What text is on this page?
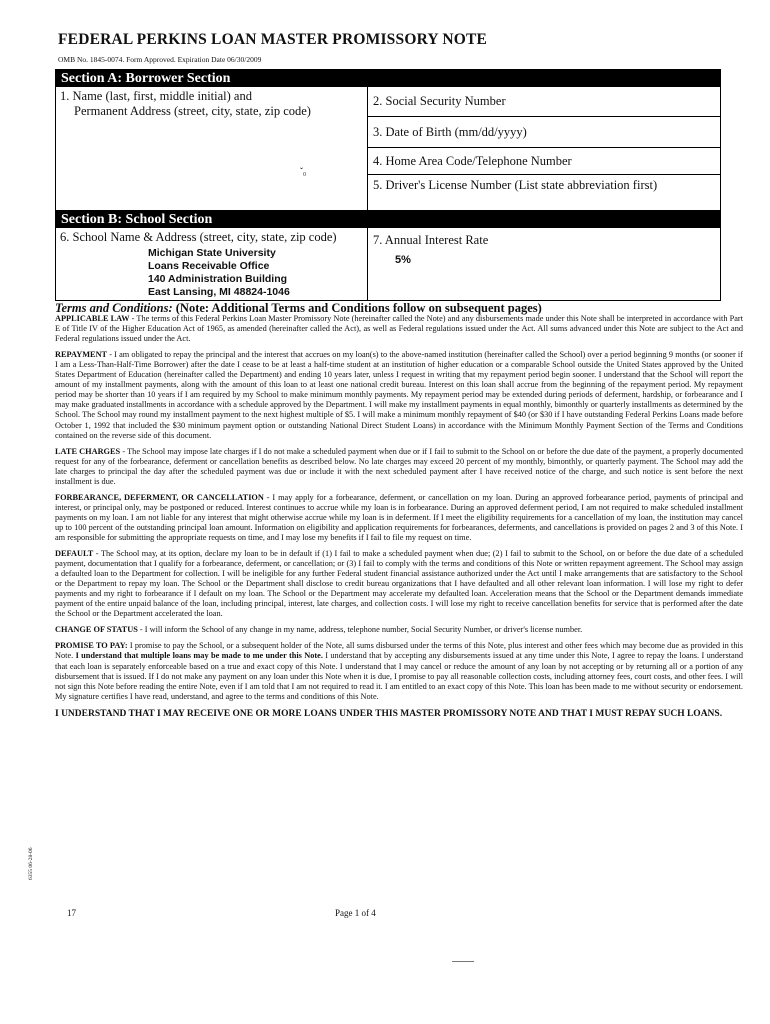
FEDERAL PERKINS LOAN MASTER PROMISSORY NOTE
OMB No. 1845-0074. Form Approved. Expiration Date 06/30/2009
Section A: Borrower Section
1. Name (last, first, middle initial) and
Permanent Address (street, city, state, zip code)
2. Social Security Number
3. Date of Birth (mm/dd/yyyy)
4. Home Area Code/Telephone Number
5. Driver's License Number (List state abbreviation first)
Section B: School Section
6. School Name & Address (street, city, state, zip code)
Michigan State University
Loans Receivable Office
140 Administration Building
East Lansing, MI 48824-1046
7. Annual Interest Rate
5%
ˇ₀
Terms and Conditions: (Note: Additional Terms and Conditions follow on subsequent pages)

APPLICABLE LAW - The terms of this Federal Perkins Loan Master Promissory Note (hereinafter called the Note) and any disbursements made under this Note shall be interpreted in accordance with Part E of Title IV of the Higher Education Act of 1965, as amended (hereinafter called the Act), as well as Federal regulations issued under the Act. All sums advanced under this Note are subject to the Act and Federal regulations issued under the Act.

REPAYMENT - I am obligated to repay the principal and the interest that accrues on my loan(s) to the above-named institution (hereinafter called the School) over a period beginning 9 months (or sooner if I am a Less-Than-Half-Time Borrower) after the date I cease to be at least a half-time student at an institution of higher education or a comparable School outside the United States approved by the United States Department of Education (hereinafter called the Department) and ending 10 years later, unless I request in writing that my repayment period begin sooner. I understand that the School will report the amount of my installment payments, along with the amount of this loan to at least one national credit bureau. Interest on this loan shall accrue from the beginning of the repayment period. My repayment period may be shorter than 10 years if I am required by my School to make minimum monthly payments. My repayment period may be extended during periods of deferment, hardship, or forbearance and I may make graduated installments in accordance with a schedule approved by the Department. I will make my installment payments in equal monthly, bimonthly or quarterly installments as determined by the School. The School may round my installment payment to the next highest multiple of $5. I will make a minimum monthly repayment of $40 (or $30 if I have outstanding Federal Perkins Loans made before October 1, 1992 that included the $30 minimum payment option or outstanding National Direct Student Loans) in accordance with the Minimum Monthly Payment Section of the Terms and Conditions contained on the reverse side of this document.

LATE CHARGES - The School may impose late charges if I do not make a scheduled payment when due or if I fail to submit to the School on or before the due date of the payment, a properly documented request for any of the forbearance, deferment or cancellation benefits as described below. No late charges may exceed 20 percent of my monthly, bimonthly, or quarterly payment. The School may add the late charges to principal the day after the scheduled payment was due or include it with the next scheduled payment after I have received notice of the charge, and such notice is sent before the next installment is due.

FORBEARANCE, DEFERMENT, OR CANCELLATION - I may apply for a forbearance, deferment, or cancellation on my loan. During an approved forbearance period, payments of principal and interest, or principal only, may be postponed or reduced. Interest continues to accrue while my loan is in forbearance. During an approved deferment period, I am not required to make scheduled installment payments on my loan. I am not liable for any interest that might otherwise accrue while my loan is in deferment. If I meet the eligibility requirements for a cancellation of my loan, the institution may cancel up to 100 percent of the outstanding principal loan amount. Information on eligibility and application requirements for forbearances, deferments, and cancellations is provided on pages 2 and 3 of this Note. I am responsible for submitting the appropriate requests on time, and I may lose my benefits if I fail to file my request on time.

DEFAULT - The School may, at its option, declare my loan to be in default if (1) I fail to make a scheduled payment when due; (2) I fail to submit to the School, on or before the due date of a scheduled payment, documentation that I qualify for a forbearance, deferment, or cancellation; or (3) I fail to comply with the terms and conditions of this Note or written repayment agreement. The School may assign a defaulted loan to the Department for collection. I will be ineligible for any further Federal student financial assistance authorized under the Act until I make arrangements that are satisfactory to the School or the Department to repay my loan. The School or the Department shall disclose to credit bureau organizations that I have defaulted and all other relevant loan information. I will lose my right to defer payments and my right to forbearance if I default on my loan. The School or the Department may accelerate my defaulted loan. Acceleration means that the School or the Department demands immediate payment of the entire unpaid balance of the loan, including principal, interest, late charges, and collection costs. I will lose my right to receive cancellation benefits for service that is performed after the date the School or the Department accelerated the loan.

CHANGE OF STATUS - I will inform the School of any change in my name, address, telephone number, Social Security Number, or driver's license number.

PROMISE TO PAY: I promise to pay the School, or a subsequent holder of the Note, all sums disbursed under the terms of this Note, plus interest and other fees which may become due as provided in this Note. I understand that multiple loans may be made to me under this Note. I understand that by accepting any disbursements issued at any time under this Note, I agree to repay the loans. I understand that each loan is separately enforceable based on a true and exact copy of this Note. I understand that I may cancel or reduce the amount of any loan by not accepting or by returning all or a portion of any disbursement that is issued. If I do not make any payment on any loan under this Note when it is due, I promise to pay all reasonable collection costs, including attorney fees, court costs, and other fees. I will not sign this Note before reading the entire Note, even if I am told that I am not required to read it. I am entitled to an exact copy of this Note. This loan has been made to me without security or endorsement. My signature certifies I have read, understand, and agree to the terms and conditions of this Note.

I UNDERSTAND THAT I MAY RECEIVE ONE OR MORE LOANS UNDER THIS MASTER PROMISSORY NOTE AND THAT I MUST REPAY SUCH LOANS.
6355 06-28-06
17	Page 1 of 4
